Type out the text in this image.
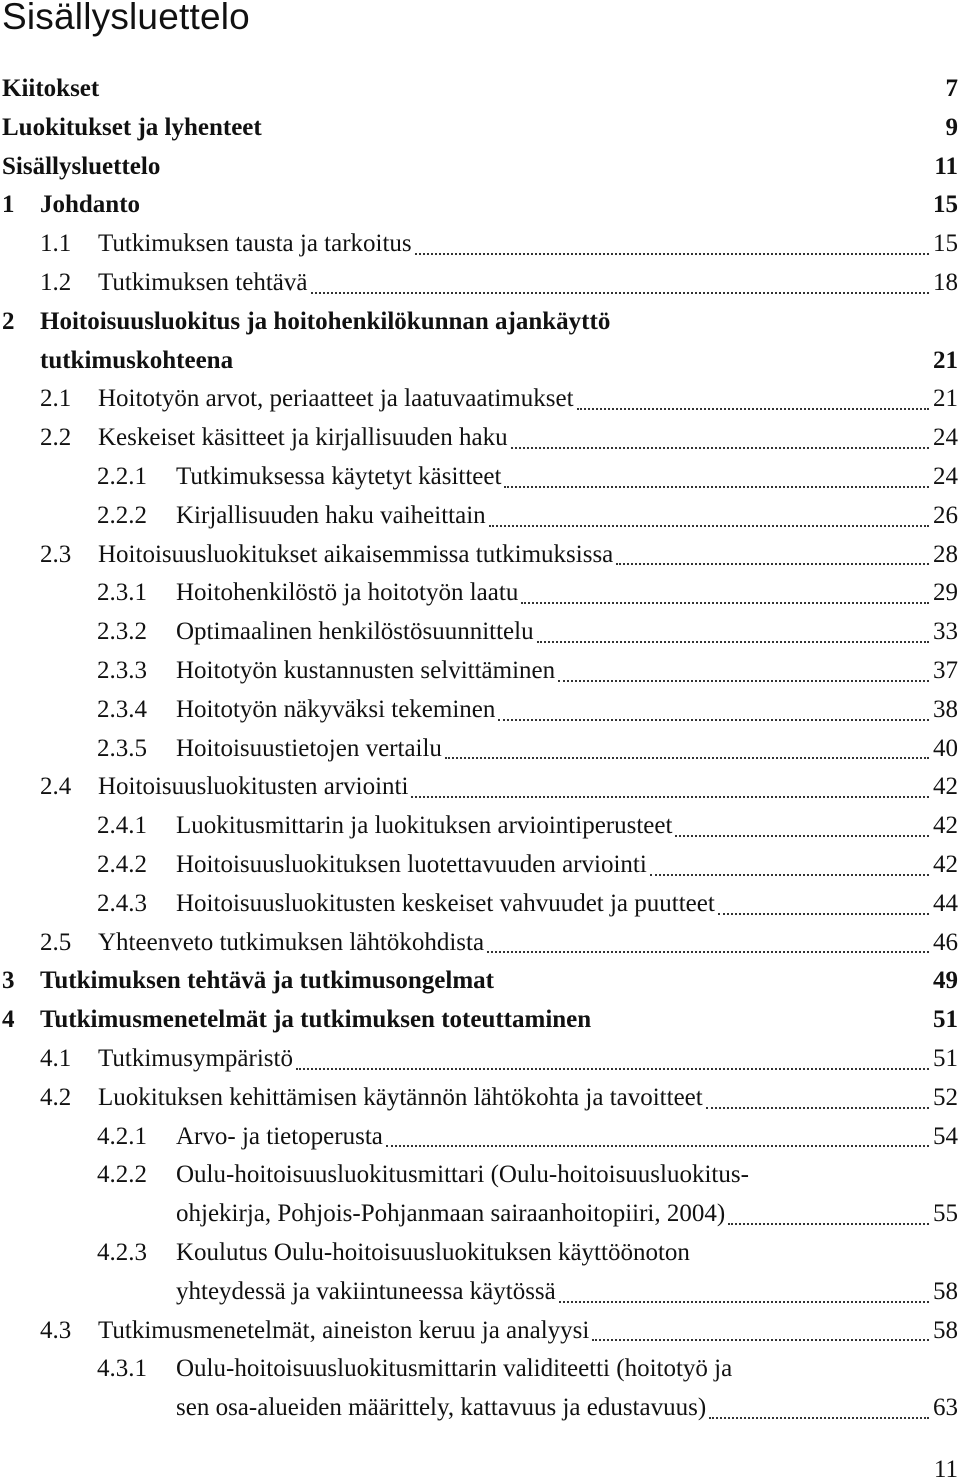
Sisällysluettelo
Kiitokset	7
Luokitukset ja lyhenteet	9
Sisällysluettelo	11
1 Johdanto	15
1.1 Tutkimuksen tausta ja tarkoitus	15
1.2 Tutkimuksen tehtävä	18
2 Hoitoisuusluokitus ja hoitohenkilökunnan ajankäyttö
tutkimuskohteena	21
2.1 Hoitotyön arvot, periaatteet ja laatuvaatimukset	21
2.2 Keskeiset käsitteet ja kirjallisuuden haku	24
2.2.1 Tutkimuksessa käytetyt käsitteet	24
2.2.2 Kirjallisuuden haku vaiheittain	26
2.3 Hoitoisuusluokitukset aikaisemmissa tutkimuksissa	28
2.3.1 Hoitohenkilöstö ja hoitotyön laatu	29
2.3.2 Optimaalinen henkilöstösuunnittelu	33
2.3.3 Hoitotyön kustannusten selvittäminen	37
2.3.4 Hoitotyön näkyväksi tekeminen	38
2.3.5 Hoitoisuustietojen vertailu	40
2.4 Hoitoisuusluokitusten arviointi	42
2.4.1 Luokitusmittarin ja luokituksen arviointiperusteet	42
2.4.2 Hoitoisuusluokituksen luotettavuuden arviointi	42
2.4.3 Hoitoisuusluokitusten keskeiset vahvuudet ja puutteet	44
2.5 Yhteenveto tutkimuksen lähtökohdista	46
3 Tutkimuksen tehtävä ja tutkimusongelmat	49
4 Tutkimusmenetelmät ja tutkimuksen toteuttaminen	51
4.1 Tutkimusympäristö	51
4.2 Luokituksen kehittämisen käytännön lähtökohta ja tavoitteet	52
4.2.1 Arvo- ja tietoperusta	54
4.2.2 Oulu-hoitoisuusluokitusmittari (Oulu-hoitoisuusluokitus-
ohjekirja, Pohjois-Pohjanmaan sairaanhoitopiiri, 2004)	55
4.2.3 Koulutus Oulu-hoitoisuusluokituksen käyttöönoton
yhteydessä ja vakiintuneessa käytössä	58
4.3 Tutkimusmenetelmät, aineiston keruu ja analyysi	58
4.3.1 Oulu-hoitoisuusluokitusmittarin validiteetti (hoitotyö ja
sen osa-alueiden määrittely, kattavuus ja edustavuus)	63
11
